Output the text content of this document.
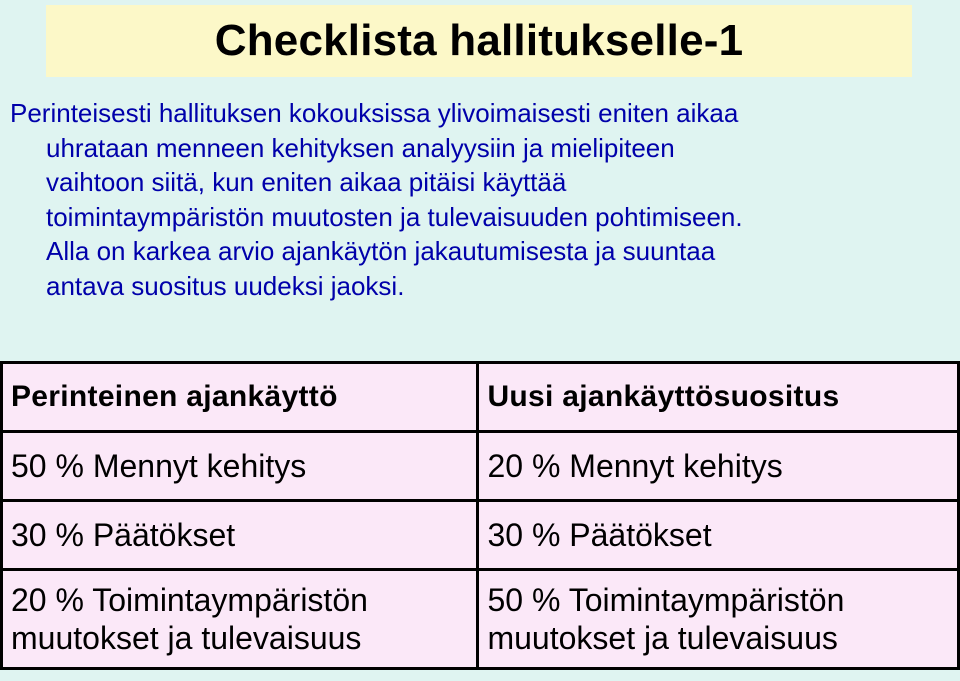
Checklista hallitukselle-1

Perinteisesti hallituksen kokouksissa ylivoimaisesti eniten aikaa
uhrataan menneen kehityksen analyysiin ja mielipiteen
vaihtoon siitä, kun eniten aikaa pitäisi käyttää
toimintaympäristön muutosten ja tulevaisuuden pohtimiseen.
Alla on karkea arvio ajankäytön jakautumisesta ja suuntaa
antava suositus uudeksi jaoksi.

Perinteinen ajankäyttö	Uusi ajankäyttösuositus
50 % Mennyt kehitys	20 % Mennyt kehitys
30 % Päätökset	30 % Päätökset
20 % Toimintaympäristön muutokset ja tulevaisuus	50 % Toimintaympäristön muutokset ja tulevaisuus
